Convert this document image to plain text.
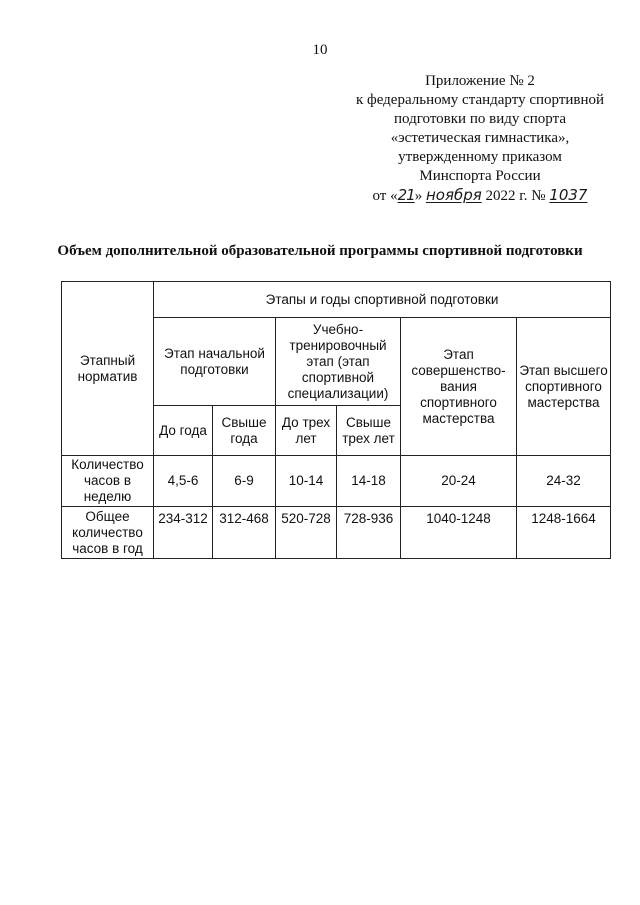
10
Приложение № 2
к федеральному стандарту спортивной
подготовки по виду спорта
«эстетическая гимнастика»,
утвержденному приказом
Минспорта России
от «21» ноября 2022 г. № 1037
Объем дополнительной образовательной программы спортивной подготовки
Этапный норматив	Этапы и годы спортивной подготовки					
	Этап начальной подготовки		Учебно-тренировочный этап (этап спортивной специализации)		Этап совершенство-вания спортивного мастерства	Этап высшего спортивного мастерства
	До года	Свыше года	До трех лет	Свыше трех лет		
Количество часов в неделю	4,5-6	6-9	10-14	14-18	20-24	24-32
Общее количество часов в год	234-312	312-468	520-728	728-936	1040-1248	1248-1664
